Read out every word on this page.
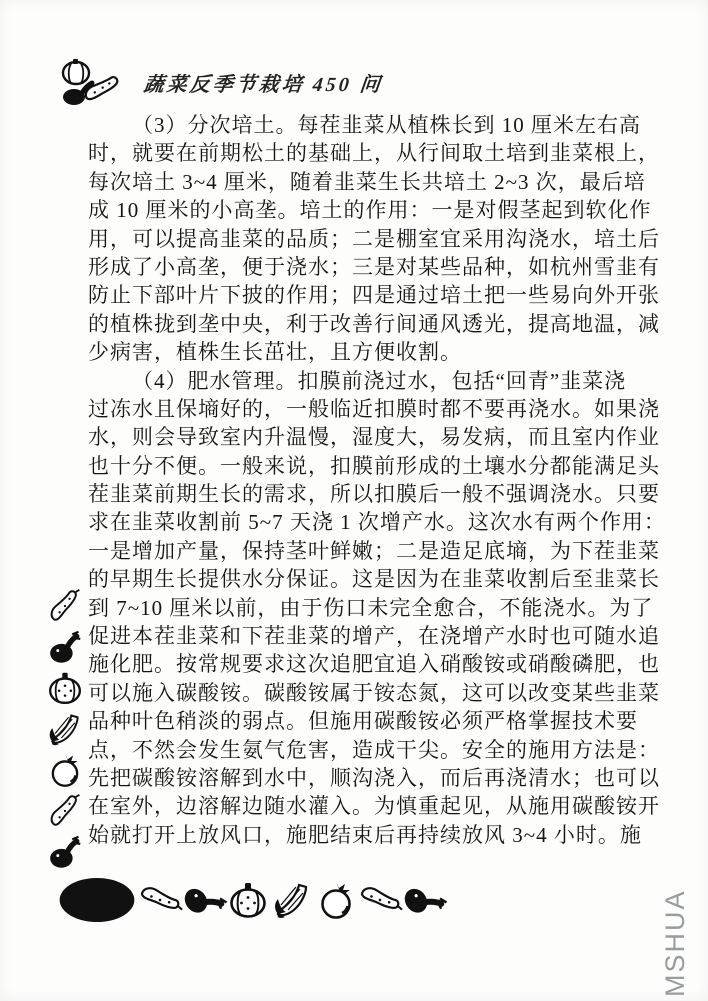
蔬菜反季节栽培 450 问
（3）分次培土。每茬韭菜从植株长到 10 厘米左右高
时，就要在前期松土的基础上，从行间取土培到韭菜根上，
每次培土 3~4 厘米，随着韭菜生长共培土 2~3 次，最后培
成 10 厘米的小高垄。培土的作用：一是对假茎起到软化作
用，可以提高韭菜的品质；二是棚室宜采用沟浇水，培土后
形成了小高垄，便于浇水；三是对某些品种，如杭州雪韭有
防止下部叶片下披的作用；四是通过培土把一些易向外开张
的植株拢到垄中央，利于改善行间通风透光，提高地温，减
少病害，植株生长茁壮，且方便收割。
（4）肥水管理。扣膜前浇过水，包括“回青”韭菜浇
过冻水且保墒好的，一般临近扣膜时都不要再浇水。如果浇
水，则会导致室内升温慢，湿度大，易发病，而且室内作业
也十分不便。一般来说，扣膜前形成的土壤水分都能满足头
茬韭菜前期生长的需求，所以扣膜后一般不强调浇水。只要
求在韭菜收割前 5~7 天浇 1 次增产水。这次水有两个作用：
一是增加产量，保持茎叶鲜嫩；二是造足底墒，为下茬韭菜
的早期生长提供水分保证。这是因为在韭菜收割后至韭菜长
到 7~10 厘米以前，由于伤口未完全愈合，不能浇水。为了
促进本茬韭菜和下茬韭菜的增产，在浇增产水时也可随水追
施化肥。按常规要求这次追肥宜追入硝酸铵或硝酸磷肥，也
可以施入碳酸铵。碳酸铵属于铵态氮，这可以改变某些韭菜
品种叶色稍淡的弱点。但施用碳酸铵必须严格掌握技术要
点，不然会发生氨气危害，造成干尖。安全的施用方法是：
先把碳酸铵溶解到水中，顺沟浇入，而后再浇清水；也可以
在室外，边溶解边随水灌入。为慎重起见，从施用碳酸铵开
始就打开上放风口，施肥结束后再持续放风 3~4 小时。施
MSHUA
